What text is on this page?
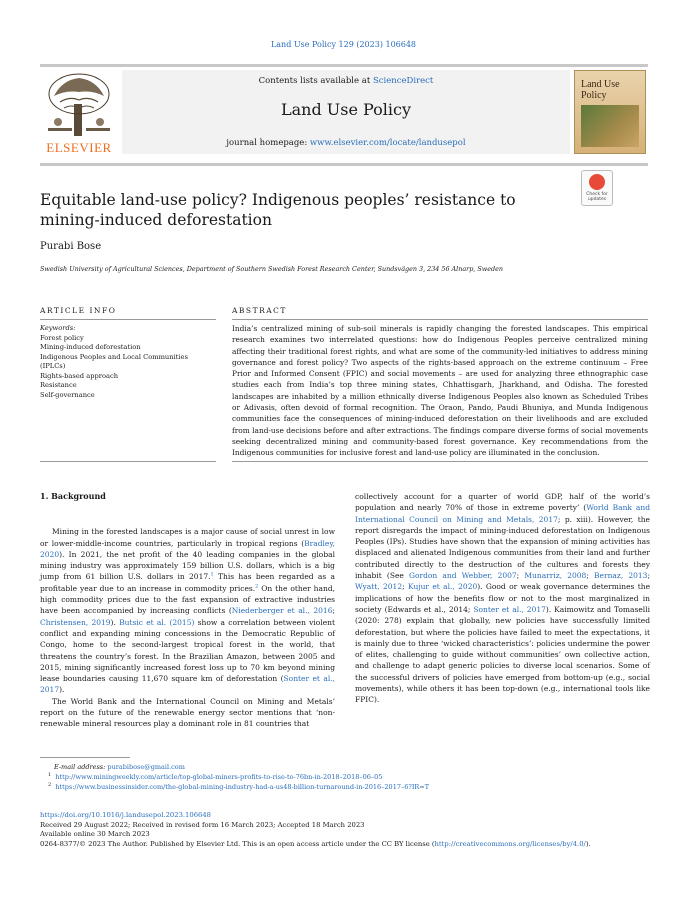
Land Use Policy 129 (2023) 106648
ELSEVIER
Contents lists available at ScienceDirect
Land Use Policy
journal homepage: www.elsevier.com/locate/landusepol
Land Use Policy
Check for
updates
Equitable land-use policy? Indigenous peoples’ resistance to
mining-induced deforestation
Purabi Bose
Swedish University of Agricultural Sciences, Department of Southern Swedish Forest Research Center, Sundsvägen 3, 234 56 Alnarp, Sweden
ARTICLE INFO	ABSTRACT
Keywords:
Forest policy
Mining-induced deforestation
Indigenous Peoples and Local Communities
(IPLCs)
Rights-based approach
Resistance
Self-governance
India’s centralized mining of sub-soil minerals is rapidly changing the forested landscapes. This empirical research examines two interrelated questions: how do Indigenous Peoples perceive centralized mining affecting their traditional forest rights, and what are some of the community-led initiatives to address mining governance and forest policy? Two aspects of the rights-based approach on the extreme continuum – Free Prior and Informed Consent (FPIC) and social movements – are used for analyzing three ethnographic case studies each from India’s top three mining states, Chhattisgarh, Jharkhand, and Odisha. The forested landscapes are inhabited by a million ethnically diverse Indigenous Peoples also known as Scheduled Tribes or Adivasis, often devoid of formal recognition. The Oraon, Pando, Paudi Bhuniya, and Munda Indigenous communities face the consequences of mining-induced deforestation on their livelihoods and are excluded from land-use decisions before and after extractions. The findings compare diverse forms of social movements seeking decentralized mining and community-based forest governance. Key recommendations from the Indigenous communities for inclusive forest and land-use policy are illuminated in the conclusion.

1. Background

Mining in the forested landscapes is a major cause of social unrest in low or lower-middle-income countries, particularly in tropical regions (Bradley, 2020). In 2021, the net profit of the 40 leading companies in the global mining industry was approximately 159 billion U.S. dollars, which is a big jump from 61 billion U.S. dollars in 2017.$^1$ This has been regarded as a profitable year due to an increase in commodity prices.$^2$ On the other hand, high commodity prices due to the fast expansion of extractive industries have been accompanied by increasing conflicts (Niederberger et al., 2016; Christensen, 2019). Butsic et al. (2015) show a correlation between violent conflict and expanding mining concessions in the Democratic Republic of Congo, home to the second-largest tropical forest in the world, that threatens the country’s forest. In the Brazilian Amazon, between 2005 and 2015, mining significantly increased forest loss up to 70 km beyond mining lease boundaries causing 11,670 square km of deforestation (Sonter et al., 2017).

The World Bank and the International Council on Mining and Metals’ report on the future of the renewable energy sector mentions that ‘non-renewable mineral resources play a dominant role in 81 countries that

collectively account for a quarter of world GDP, half of the world’s population and nearly 70% of those in extreme poverty’ (World Bank and International Council on Mining and Metals, 2017; p. xiii). However, the report disregards the impact of mining-induced deforestation on Indigenous Peoples (IPs). Studies have shown that the expansion of mining activities has displaced and alienated Indigenous communities from their land and further contributed directly to the destruction of the cultures and forests they inhabit (See Gordon and Webber, 2007; Munarriz, 2008; Bernaz, 2013; Wyatt, 2012; Kujur et al., 2020). Good or weak governance determines the implications of how the benefits flow or not to the most marginalized in society (Edwards et al., 2014; Sonter et al., 2017). Kaimowitz and Tomaselli (2020: 278) explain that globally, new policies have successfully limited deforestation, but where the policies have failed to meet the expectations, it is mainly due to three ‘wicked characteristics’: policies undermine the power of elites, challenging to guide without communities’ own collective action, and challenge to adapt generic policies to diverse local scenarios. Some of the successful drivers of policies have emerged from bottom-up (e.g., social movements), while others it has been top-down (e.g., international tools like FPIC).

E-mail address: purabibose@gmail.com

$^1$ http://www.miningweekly.com/article/top-global-miners-profits-to-rise-to-76bn-in-2018–2018–06–05

$^2$ https://www.businessinsider.com/the-global-mining-industry-had-a-us48-billion-turnaround-in-2016–2017–6?IR=T

https://doi.org/10.1016/j.landusepol.2023.106648

Received 29 August 2022; Received in revised form 16 March 2023; Accepted 18 March 2023

Available online 30 March 2023

0264-8377/© 2023 The Author. Published by Elsevier Ltd. This is an open access article under the CC BY license (http://creativecommons.org/licenses/by/4.0/).
